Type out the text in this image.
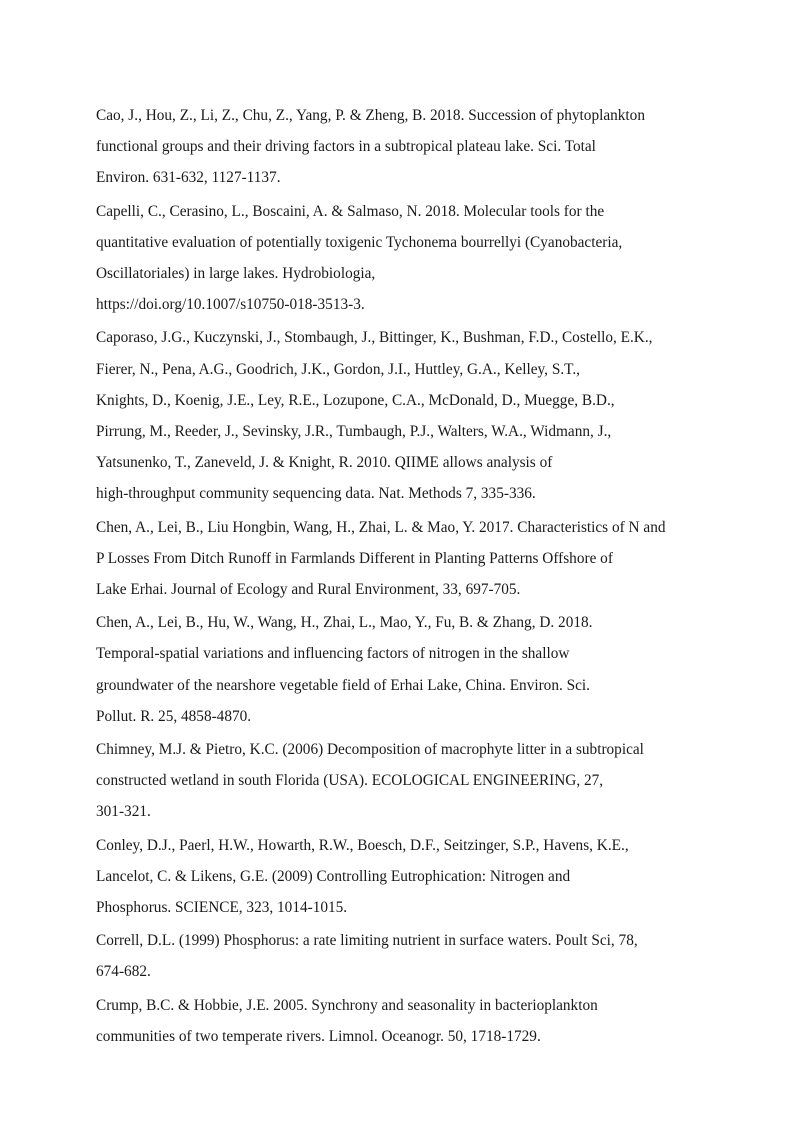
Cao, J., Hou, Z., Li, Z., Chu, Z., Yang, P. & Zheng, B. 2018. Succession of phytoplankton
functional groups and their driving factors in a subtropical plateau lake. Sci. Total
Environ. 631-632, 1127-1137.
Capelli, C., Cerasino, L., Boscaini, A. & Salmaso, N. 2018. Molecular tools for the
quantitative evaluation of potentially toxigenic Tychonema bourrellyi (Cyanobacteria,
Oscillatoriales) in large lakes. Hydrobiologia,
https://doi.org/10.1007/s10750-018-3513-3.
Caporaso, J.G., Kuczynski, J., Stombaugh, J., Bittinger, K., Bushman, F.D., Costello, E.K.,
Fierer, N., Pena, A.G., Goodrich, J.K., Gordon, J.I., Huttley, G.A., Kelley, S.T.,
Knights, D., Koenig, J.E., Ley, R.E., Lozupone, C.A., McDonald, D., Muegge, B.D.,
Pirrung, M., Reeder, J., Sevinsky, J.R., Tumbaugh, P.J., Walters, W.A., Widmann, J.,
Yatsunenko, T., Zaneveld, J. & Knight, R. 2010. QIIME allows analysis of
high-throughput community sequencing data. Nat. Methods 7, 335-336.
Chen, A., Lei, B., Liu Hongbin, Wang, H., Zhai, L. & Mao, Y. 2017. Characteristics of N and
P Losses From Ditch Runoff in Farmlands Different in Planting Patterns Offshore of
Lake Erhai. Journal of Ecology and Rural Environment, 33, 697-705.
Chen, A., Lei, B., Hu, W., Wang, H., Zhai, L., Mao, Y., Fu, B. & Zhang, D. 2018.
Temporal-spatial variations and influencing factors of nitrogen in the shallow
groundwater of the nearshore vegetable field of Erhai Lake, China. Environ. Sci.
Pollut. R. 25, 4858-4870.
Chimney, M.J. & Pietro, K.C. (2006) Decomposition of macrophyte litter in a subtropical
constructed wetland in south Florida (USA). ECOLOGICAL ENGINEERING, 27,
301-321.
Conley, D.J., Paerl, H.W., Howarth, R.W., Boesch, D.F., Seitzinger, S.P., Havens, K.E.,
Lancelot, C. & Likens, G.E. (2009) Controlling Eutrophication: Nitrogen and
Phosphorus. SCIENCE, 323, 1014-1015.
Correll, D.L. (1999) Phosphorus: a rate limiting nutrient in surface waters. Poult Sci, 78,
674-682.
Crump, B.C. & Hobbie, J.E. 2005. Synchrony and seasonality in bacterioplankton
communities of two temperate rivers. Limnol. Oceanogr. 50, 1718-1729.
